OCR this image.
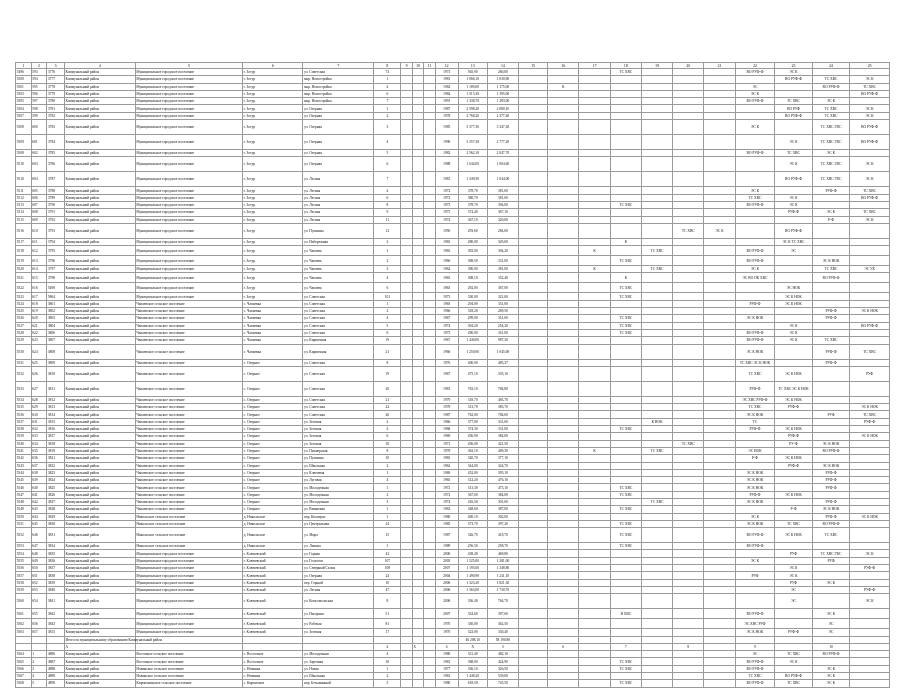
1	2	3	4	5	6	7	8	9	10	11	12	13	14	15	16	17	18	19	20	21	22	23	24	25
5496	593	3776	Коммунальный район	Муниципальное городское поселение	г. Зотур	ул. Советская	73				1973	565,90	260,00				ТС ХВС				ВО РУФ-Ф	ЭС К		
5500	594	3777	Коммунальный район	Муниципальное городское поселение	г. Зотур	мкр. Новостройка	1				1981	1 066,10	1 030,00									ВО РУФ-Ф	ТС ХВС	ЭС К
5501	595	3778	Коммунальный район	Муниципальное городское поселение	г. Зотур	мкр. Новостройка	4				1982	1 189,00	1 175,00		К						ЭС		ВО РУФ-Ф	ТС ХВС
5503	596	3779	Коммунальный район	Муниципальное городское поселение	г. Зотур	мкр. Новостройка	6				1984	1 515,30	1 395,00								ЭС К			ВО РУФ-Ф
5505	597	3780	Коммунальный район	Муниципальное городское поселение	г. Зотур	мкр. Новостройка	7				1991	1 338,70	1 283,00								ВО РУФ-Ф	ТС ХВС	ЭС К	
5504	598	3781	Коммунальный район	Муниципальное городское поселение	г. Зотур	ул. Озерная	1				1987	2 598,20	2 080,10									ВО РУФ	ТС ХВС	ЭС К
5507	599	3782	Коммунальный район	Муниципальное городское поселение	г. Зотур	ул. Озерная	2				1978	2 768,20	2 377,40									ВО РУФ-Ф	ТС ХВС	ЭС К
5508	600	3783	Коммунальный район	Муниципальное городское поселение	г. Зотур	ул. Озерная	3				1985	3 377,30	3 347,30								ЭС К		ТС ХВС ГВС	ВО РУФ-Ф
5509	601	3784	Коммунальный район	Муниципальное городское поселение	г. Зотур	ул. Озерная	4				1990	3 357,30	2 777,20									ЭС К	ТС ХВС ГВС	ВО РУФ-Ф
5508	602	3785	Коммунальный район	Муниципальное городское поселение	г. Зотур	ул. Озерная	5				1982	2 562,10	2 047,70								ВО РУФ-Ф	ТС ХВС	ЭС К	
5510	603	3786	Коммунальный район	Муниципальное городское поселение	г. Зотур	ул. Озерная	6				1988	1 044,00	1 004,60									ЭС К	ТС ХВС ГВС	ЭС К
5510	604	3787	Коммунальный район	Муниципальное городское поселение	г. Зотур	ул. Лесная	7				1981	1 349,50	1 044,00									ВО РУФ-Ф	ТС ХВС ГВС	ЭС К
5511	605	3788	Коммунальный район	Муниципальное городское поселение	г. Зотур	ул. Лесная	4				1972	378,70	381,00								ЭС К		РУФ-Ф	ТС ХВС
5512	606	3789	Коммунальный район	Муниципальное городское поселение	г. Зотур	ул. Лесная	6				1972	380,70	381,00								ТС ХВС	ЭС К		ВО РУФ-Ф
5513	607	3790	Коммунальный район	Муниципальное городское поселение	г. Зотур	ул. Лесная	8				1973	378,70	394,00				ТС ХВС				ВО РУФ-Ф	ЭС К		
5514	608	3791	Коммунальный район	Муниципальное городское поселение	г. Зотур	ул. Лесная	9				1975	374,40	367,10									РУФ-Ф	ЭС К	ТС ХВС
5515	609	3792	Коммунальный район	Муниципальное городское поселение	г. Зотур	ул. Лесная	11				1974	367,10	320,00										Р-Ф	ЭС К
5516	610	3793	Коммунальный район	Муниципальное городское поселение	г. Зотур	ул. Пушкина	12				1950	293,60	284,00						ТС ХВС	ЭС К		ВО РУФ-Ф		
5517	611	3794	Коммунальный район	Муниципальное городское поселение	г. Зотур	ул. Набережная	2				1965	280,00	345,00				К					ЭС К ТС ХВС		
5518	612	3795	Коммунальный район	Муниципальное городское поселение	г. Зотур	ул. Чапаева	1				1965	392,00	394,20			К		ТС ХВС			ВО РУФ-Ф	ЭС		
5519	613	3796	Коммунальный район	Муниципальное городское поселение	г. Зотур	ул. Чапаева	2				1966	308,50	331,00				ТС ХВС				ВО РУФ-Ф		ЭС К НОК	
5520	614	3797	Коммунальный район	Муниципальное городское поселение	г. Зотур	ул. Чапаева	3				1962	390,00	381,00			К		ТС ХВС			ЭС К		ТС ХВС	ЭС УК
5521	615	3798	Коммунальный район	Муниципальное городское поселение	г. Зотур	ул. Чапаева	4				1963	308,10	352,40				К				ЭС ВО ПК ХВС		ВО РУФ-Ф	
5522	616	5490	Коммунальный район	Муниципальное городское поселение	г. Зотур	ул. Чапаева	6				1963	292,00	367,00				ТС ХВС					ЭС НОК		
5523	617	5864	Коммунальный район	Муниципальное городское поселение	г. Зотур	ул. Советская	101				1973	330,00	321,00				ТС ХВС					ЭС К НОК		
5524	618	3801	Коммунальный район	Чапаевское сельское поселение	с. Чапаевка	ул. Советская	1				1965	294,00	331,00								РУФ-Ф	ЭС К НОК		
5525	619	3802	Коммунальный район	Чапаевское сельское поселение	с. Чапаевка	ул. Советская	2				1966	318,20	269,50										РУФ-Ф	ЭС К НОК
5526	620	3803	Коммунальный район	Чапаевское сельское поселение	с. Чапаевка	ул. Советская	4				1967	299,00	351,00				ТС ХВС				ЭС К НОК		РУФ-Ф	
5527	621	3804	Коммунальный район	Чапаевское сельское поселение	с. Чапаевка	ул. Советская	5				1974	304,20	254,20				ТС ХВС					ЭС К		ВО РУФ-Ф
5528	622	3806	Коммунальный район	Чапаевское сельское поселение	с. Чапаевка	ул. Советская	6				1975	290,00	341,00				ТС ХВС				ВО РУФ-Ф	ЭС К		
5529	623	3807	Коммунальный район	Чапаевское сельское поселение	с. Чапаевка	ул. Кирпичная	19				1967	1 440,00	987,30								ВО РУФ-Ф	ЭС К	ТС ХВС	
5530	624	3808	Коммунальный район	Чапаевское сельское поселение	с. Чапаевка	ул. Кирпичная	21				1966	1 250,00	1 045,00								ЭС К НОК		РУФ-Ф	ТС ХВС
5531	625	3809	Коммунальный район	Чапаевское сельское поселение	с. Озерное	ул. Советская	8				1976	400,00	483,37								ТС ХВС ЭС К НОК		РУФ-Ф	
5532	626	3810	Коммунальный район	Чапаевское сельское поселение	с. Озерное	ул. Советская	19				1967	475,10	335,10								ТС ХВС	ЭС К НОК		РУФ
5533	627	3811	Коммунальный район	Чапаевское сельское поселение	с. Озерное	ул. Советская	20				1981	763,10	784,80								РУФ-Ф	ТС ХВС ЭС К НОК		
5534	628	3812	Коммунальный район	Чапаевское сельское поселение	с. Озерное	ул. Советская	21				1979	318,70	483,70								ЭС ХВС РУФ-Ф	ЭС К НОК		
5535	629	3813	Коммунальный район	Чапаевское сельское поселение	с. Озерное	ул. Советская	22				1978	313,70	383,70								ТС ХВС	РУФ-Ф		ЭС К НОК
5536	630	3814	Коммунальный район	Чапаевское сельское поселение	с. Озерное	ул. Советская	26				1987	762,00	784,00								ЭС К НОК		РУФ	ТС ХВС
5537	631	3815	Коммунальный район	Чапаевское сельское поселение	с. Озерное	ул. Зеленая	2				1966	377,00	331,00					К НОК			ТС			РУФ-Ф
5538	632	3816	Коммунальный район	Чапаевское сельское поселение	с. Озерное	ул. Зеленая	4				1968	374,30	331,00				ТС ХВС				РУФ-Ф	ЭС К НОК		
5539	633	3817	Коммунальный район	Чапаевское сельское поселение	с. Озерное	ул. Зеленая	6				1969	456,90	384,00									РУФ-Ф		ЭС К НОК
5540	634	3818	Коммунальный район	Чапаевское сельское поселение	с. Озерное	ул. Зеленая	10				1971	456,00	421,50						ТС ХВС			РУ-Ф	ЭС К НОК	
5541	635	3819	Коммунальный район	Чапаевское сельское поселение	с. Озерное	ул. Пионерская	8				1978	363,10	409,30			К		ТС ХВС			ЭС НОК		ВО РУФ-Ф	
5542	636	3821	Коммунальный район	Чапаевское сельское поселение	с. Озерное	ул. Пушкина	10				1965	320,70	377,10								Р-Ф	ЭС К НОК		
5543	637	3822	Коммунальный район	Чапаевское сельское поселение	с. Озерное	ул. Школьная	2				1962	344,00	324,70									РУФ-Ф	ЭС К НОК	
5544	638	3823	Коммунальный район	Чапаевское сельское поселение	с. Озерное	ул. Ключевая	1				1969	452,00	395,10								ЭС К НОК		РУФ-Ф	
5545	639	3824	Коммунальный район	Чапаевское сельское поселение	с. Озерное	ул. Луговая	4				1965	312,20	476,10								ЭС К НОК		РУФ-Ф	
5546	640	3825	Коммунальный район	Чапаевское сельское поселение	с. Озерное	ул. Молодежная	1				1972	313,30	473,10				ТС ХВС				ЭС К НОК		РУФ-Ф	
5547	641	3826	Коммунальный район	Чапаевское сельское поселение	с. Озерное	ул. Молодежная	2				1972	367,00	384,00				ТС ХВС				РУФ-Ф	ЭС К НОК		
5548	642	3827	Коммунальный район	Чапаевское сельское поселение	с. Озерное	ул. Молодежная	3				1974	416,50	301,00					ТС ХВС			ЭС К НОК		РУФ-Ф	
5549	643	3828	Коммунальный район	Чапаевское сельское поселение	с. Озерное	ул. Вишневая	1				1963	348,60	387,00				ТС ХВС					Р-Ф	ЭС К НОК	
5550	644	3829	Коммунальный район	Никольское сельское поселение	д. Никольское	пер. Кооперат.	1				1980	400,10	302,00								ЭС К		РУФ-Ф	ЭС К НОК
5551	645	3830	Коммунальный район	Никольское сельское поселение	д. Никольское	ул. Центральная	24				1985	373,70	397,20				ТС ХВС				ЭС К НОК	ТС ХВС	ВО РУФ-Ф	
5552	646	3831	Коммунальный район	Никольское сельское поселение	д. Никольское	ул. Мира	15				1987	326,70	418,70				ТС ХВС				ВО РУФ-Ф	ЭС К НОК	ТС ХВС	
5553	647	3834	Коммунальный район	Никольское сельское поселение	д. Никольское	ул. Ленина	1				1989	256,50	258,70				ТС ХВС				ВО РУФ-Ф			
5554	648	3835	Коммунальный район	Муниципальное городское поселение	г. Ключевский	ул. Горная	42				2000	438,40	469,80									РУФ	ТС ХВС ГВС	ЭС К
5555	649	3836	Коммунальный район	Муниципальное городское поселение	г. Ключевский	ул. Геологов	107				2003	1 525,00	1 281,00								ЭС К		РУФ	
5556	650	3837	Коммунальный район	Муниципальное городское поселение	г. Ключевский	ул. Северный Склон	108				2007	1 195,00	1 348,80									ЭС К		РУФ-Ф
5557	651	3838	Коммунальный район	Муниципальное городское поселение	г. Ключевский	ул. Озерная	24				2004	1 490,90	1 231,10								РУФ	ЭС К		
5558	652	3839	Коммунальный район	Муниципальное городское поселение	г. Ключевский	пер. Горный	10				2006	1 323,20	1 821,30									РУФ	ЭС К	
5559	653	3840	Коммунальный район	Муниципальное городское поселение	г. Ключевский	ул. Лесная	47				2006	1 363,00	1 730,70									ЭС		РУФ-Ф
5560	654	3841	Коммунальный район	Муниципальное городское поселение	г. Ключевский	ул. Комсомольская	8				2006	336,40	764,70									ЭС		ЭС К
5561	655	3842	Коммунальный район	Муниципальное городское поселение	г. Ключевский	ул. Нагорная	51				2007	334,60	397,60				Я ХВС				ВО РУФ-Ф		ЭС К	
5562	656	3843	Коммунальный район	Муниципальное городское поселение	г. Ключевский	ул. Рабочая	81				1970	350,00	362,50								ЭС ХВС РУФ		ЭС	
5563	657	3815	Коммунальный район	Муниципальное городское поселение	г. Ключевский	ул. Зеленая	17				1970	323,00	330,40								ЭС К НОК	РУФ-Ф	ЭС	
			Итого по муниципальному образованию Коммунальный район									46 208,10	58 190,80											
			А				4		Х		4	Х	5		6		7		8		9		10	
5564	1	4886	Коммунальный район	Восточное сельское поселение	с. Восточное	ул. Молодежная	4				1980	331,40	482,10								ЭС	ТС ХВС	ВО РУФ-Ф	
5565	2	4887	Коммунальный район	Восточное сельское поселение	с. Восточное	ул. Заречная	10				1981	368,00	424,90				ТС ХВС				ВО РУФ-Ф	ЭС К		
5566	3	4888	Коммунальный район	Новинское сельское поселение	с. Новинка	ул. Новая	1				1977	336,10	326,50				ТС ХВС				ВО РУФ-Ф		ЭС К	
5567	4	4889	Коммунальный район	Новинское сельское поселение	с. Новинка	ул. Школьная	2				1981	1 448,20	539,00								ТС ХВС	ВО РУФ-Ф	ЭС К	
5568	5	4890	Коммунальный район	Кирпичнинское сельское поселение	с. Кирпичное	пер. Безымянный	5				1980	618,50	745,50				ТС ХВС				ВО РУФ-Ф	ТС ХВС	ЭС К	
